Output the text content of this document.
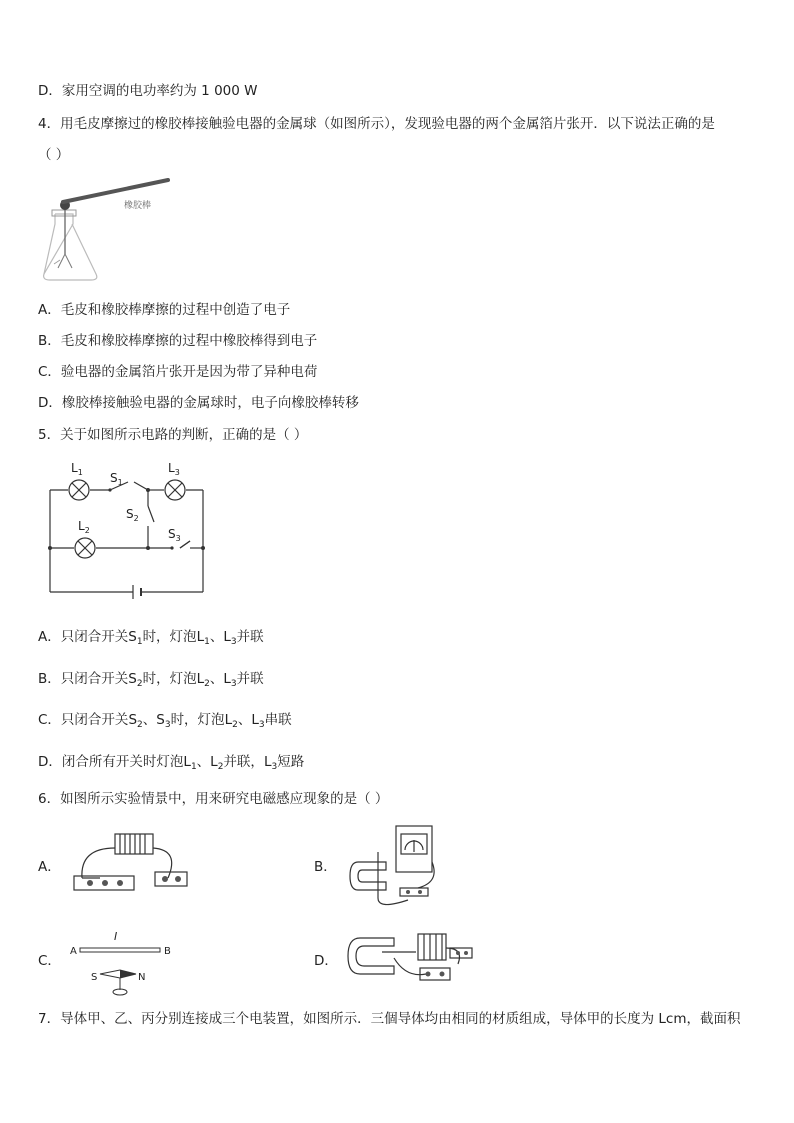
D．家用空调的电功率约为 1 000 W
4．用毛皮摩擦过的橡胶棒接触验电器的金属球（如图所示），发现验电器的两个金属箔片张开．以下说法正确的是
（ ）
橡胶棒
A．毛皮和橡胶棒摩擦的过程中创造了电子
B．毛皮和橡胶棒摩擦的过程中橡胶棒得到电子
C．验电器的金属箔片张开是因为带了异种电荷
D．橡胶棒接触验电器的金属球时，电子向橡胶棒转移
5．关于如图所示电路的判断，正确的是（ ）
$L_1$	$L_3$
$L_2$
$S_1$
$S_2$
$S_3$
A．只闭合开关$S_1$时，灯泡$L_1$、$L_3$并联
B．只闭合开关$S_2$时，灯泡$L_2$、$L_3$并联
C．只闭合开关$S_2$、$S_3$时，灯泡$L_2$、$L_3$串联
D．闭合所有开关时灯泡$L_1$、$L_2$并联，$L_3$短路
6．如图所示实验情景中，用来研究电磁感应现象的是（ ）
A．	B．
C．
I
A	B
S	N
D．
7．导体甲、乙、丙分别连接成三个电装置，如图所示．三個导体均由相同的材质组成，导体甲的长度为 Lcm，截面积
